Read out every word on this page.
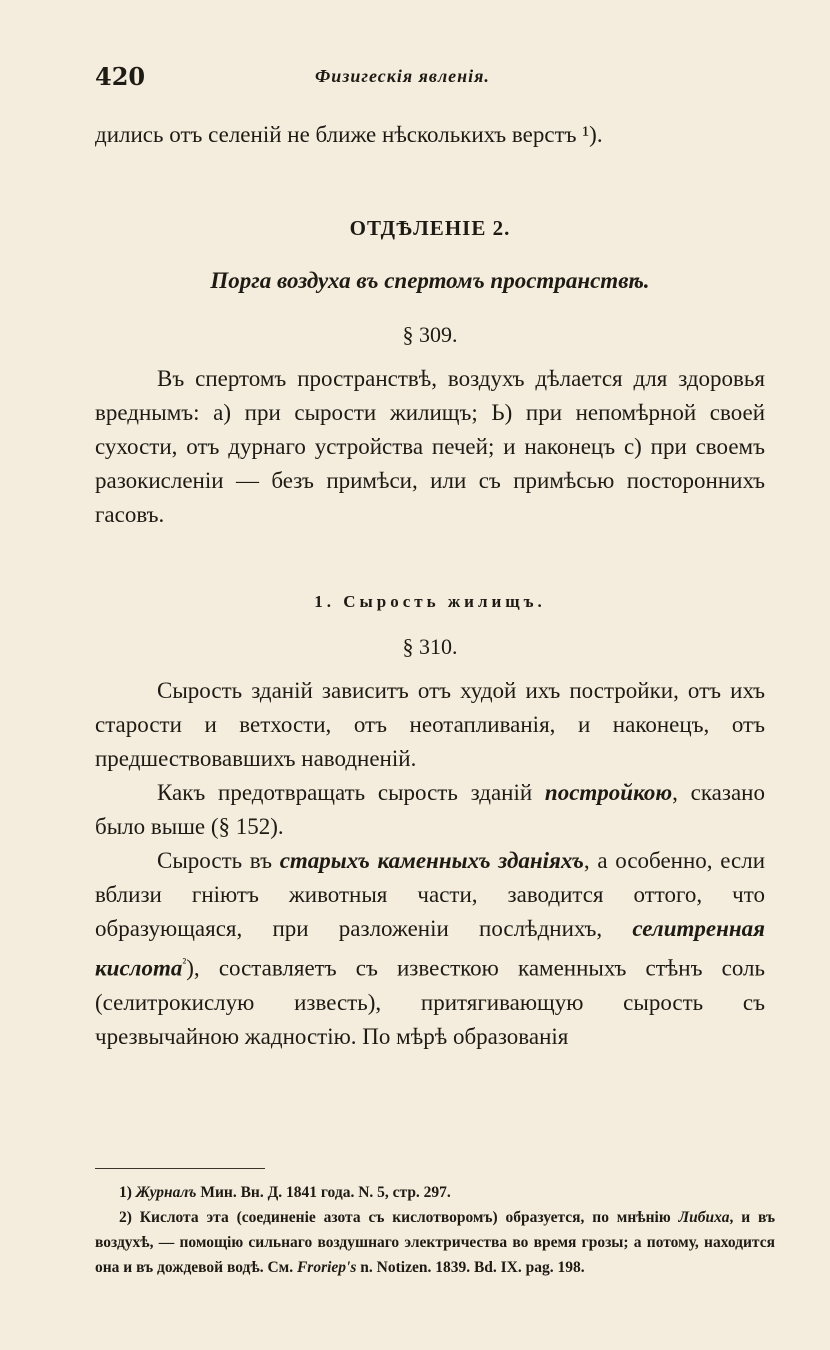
420	Физигескія явленія.

дились отъ селеній не ближе нѣсколькихъ верстъ ¹).

ОТДѢЛЕНІЕ 2.
Порга воздуха въ спертомъ пространствѣ.
§ 309.

Въ спертомъ пространствѣ, воздухъ дѣлается для здоровья вреднымъ: а) при сырости жилищъ; Ь) при непомѣрной своей сухости, отъ дурнаго устройства печей; и наконецъ с) при своемъ разокисленіи — безъ примѣси, или съ примѣсью постороннихъ гасовъ.

1. Сырость жилищъ.
§ 310.

Сырость зданій зависитъ отъ худой ихъ постройки, отъ ихъ старости и ветхости, отъ неотапливанія, и наконецъ, отъ предшествовавшихъ наводненій.

Какъ предотвращать сырость зданій постройкою, сказано было выше (§ 152).

Сырость въ старыхъ каменныхъ зданіяхъ, а особенно, если вблизи гніютъ животныя части, заводится оттого, что образующаяся, при разложеніи послѣднихъ, селитренная кислота$^{^2}$), составляетъ съ известкою каменныхъ стѣнъ соль (селитрокислую известь), притягивающую сырость съ чрезвычайною жадностію. По мѣрѣ образованія

1) Журналъ Мин. Вн. Д. 1841 года. N. 5, стр. 297.

2) Кислота эта (соединеніе азота съ кислотворомъ) образуется, по мнѣнію Либиха, и въ воздухѣ, — помощію сильнаго воздушнаго электричества во время грозы; а потому, находится она и въ дождевой водѣ. См. Froriep's n. Notizen. 1839. Bd. IX. pag. 198.
